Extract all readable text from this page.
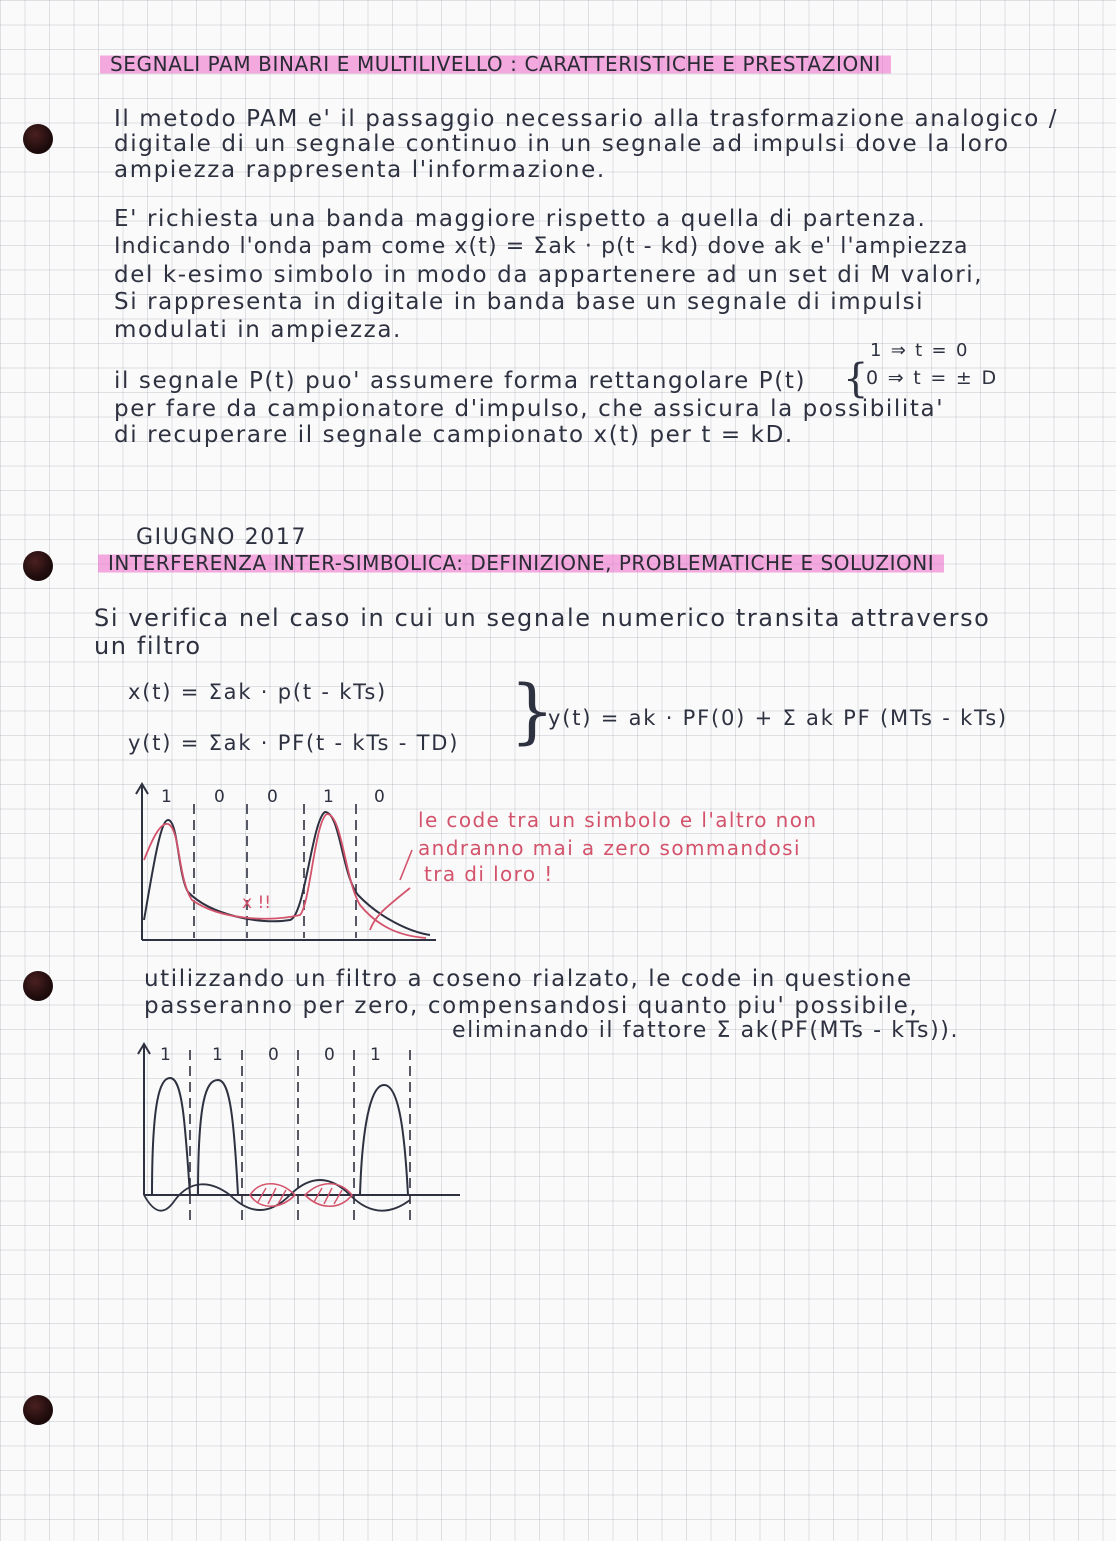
SEGNALI PAM BINARI E MULTILIVELLO : CARATTERISTICHE E PRESTAZIONI
Il metodo PAM e' il passaggio necessario alla trasformazione analogico /
digitale di un segnale continuo in un segnale ad impulsi dove la loro
ampiezza rappresenta l'informazione.
E' richiesta una banda maggiore rispetto a quella di partenza.
Indicando l'onda pam come x(t) = Σak · p(t - kd) dove ak e' l'ampiezza
del k-esimo simbolo in modo da appartenere ad un set di M valori,
Si rappresenta in digitale in banda base un segnale di impulsi
modulati in ampiezza.
il segnale P(t) puo' assumere forma rettangolare P(t) {
1 ⇒ t = 0
0 ⇒ t = ± D
per fare da campionatore d'impulso, che assicura la possibilita'
di recuperare il segnale campionato x(t) per t = kD.
GIUGNO 2017
INTERFERENZA INTER-SIMBOLICA: DEFINIZIONE, PROBLEMATICHE E SOLUZIONI
Si verifica nel caso in cui un segnale numerico transita attraverso
un filtro
x(t) = Σak · p(t - kTs)
y(t) = Σak · PF(t - kTs - TD) }
y(t) = ak · PF(0) + Σ ak PF (MTs - kTs)
1 0 0	1 0
x !!
le code tra un simbolo e l'altro non
andranno mai a zero sommandosi
tra di loro !
utilizzando un filtro a coseno rialzato, le code in questione
passeranno per zero, compensandosi quanto piu' possibile,
eliminando il fattore Σ ak(PF(MTs - kTs)).
1 1	0	0 1
